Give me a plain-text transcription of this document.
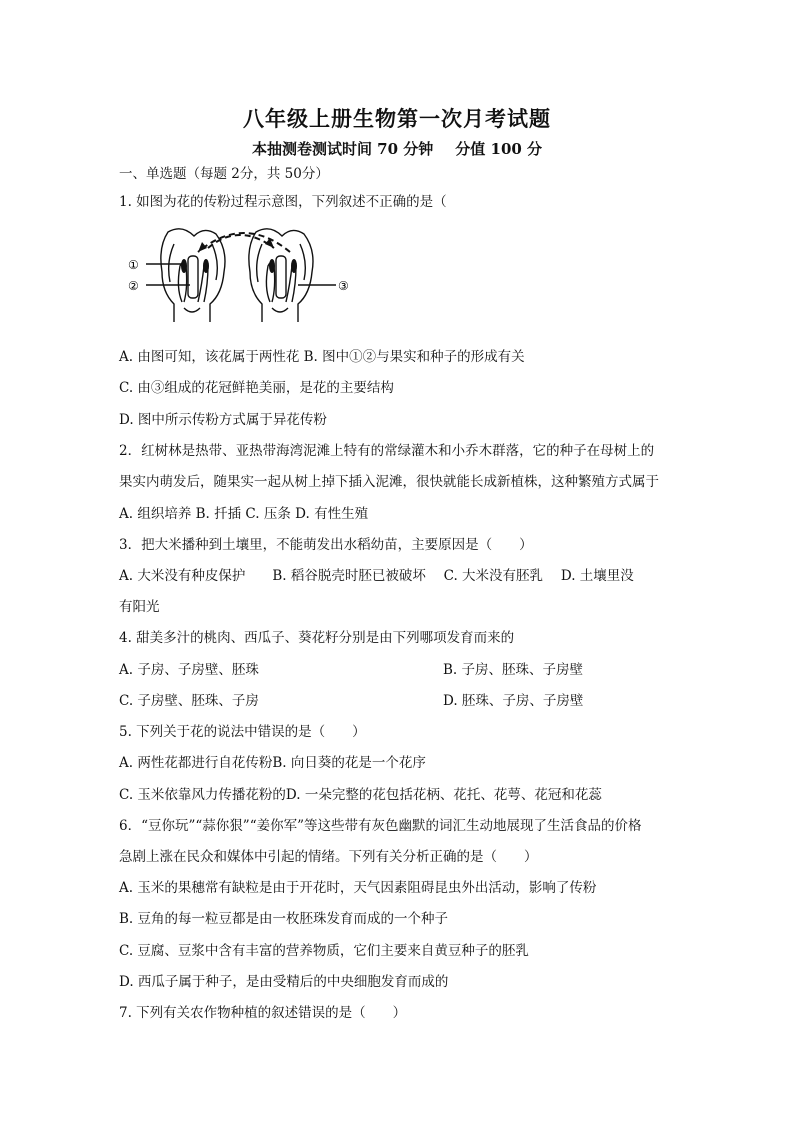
八年级上册生物第一次月考试题
本抽测卷测试时间 70 分钟 分值 100 分
一、单选题（每题 2分，共 50分）
1. 如图为花的传粉过程示意图，下列叙述不正确的是（
①
②	③
A. 由图可知，该花属于两性花 B. 图中①②与果实和种子的形成有关
C. 由③组成的花冠鲜艳美丽，是花的主要结构
D. 图中所示传粉方式属于异花传粉
2．红树林是热带、亚热带海湾泥滩上特有的常绿灌木和小乔木群落，它的种子在母树上的
果实内萌发后，随果实一起从树上掉下插入泥滩，很快就能长成新植株，这种繁殖方式属于
A. 组织培养 B. 扦插 C. 压条 D. 有性生殖
3．把大米播种到土壤里，不能萌发出水稻幼苗，主要原因是（　　）
A. 大米没有种皮保护　　B. 稻谷脱壳时胚已被破坏　 C. 大米没有胚乳　 D. 土壤里没
有阳光
4. 甜美多汁的桃肉、西瓜子、葵花籽分别是由下列哪项发育而来的
A. 子房、子房壁、胚珠	B. 子房、胚珠、子房壁
C. 子房壁、胚珠、子房	D. 胚珠、子房、子房壁
5. 下列关于花的说法中错误的是（　　）
A. 两性花都进行自花传粉B. 向日葵的花是一个花序
C. 玉米依靠风力传播花粉的D. 一朵完整的花包括花柄、花托、花萼、花冠和花蕊
6．“豆你玩”“蒜你狠”“姜你军”等这些带有灰色幽默的词汇生动地展现了生活食品的价格
急剧上涨在民众和媒体中引起的情绪。下列有关分析正确的是（　　）
A. 玉米的果穗常有缺粒是由于开花时，天气因素阻碍昆虫外出活动，影响了传粉
B. 豆角的每一粒豆都是由一枚胚珠发育而成的一个种子
C. 豆腐、豆浆中含有丰富的营养物质，它们主要来自黄豆种子的胚乳
D. 西瓜子属于种子，是由受精后的中央细胞发育而成的
7. 下列有关农作物种植的叙述错误的是（　　）
